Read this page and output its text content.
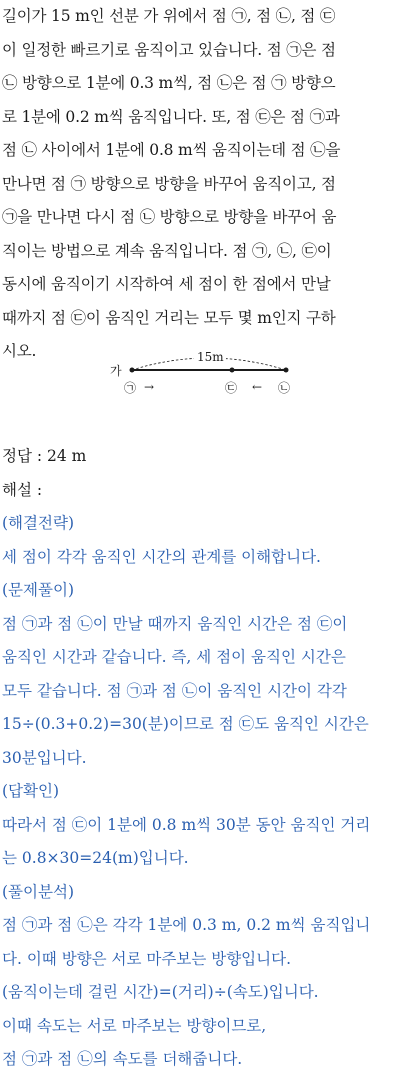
길이가 15 m인 선분 가 위에서 점 ㉠, 점 ㉡, 점 ㉢
이 일정한 빠르기로 움직이고 있습니다. 점 ㉠은 점
㉡ 방향으로 1분에 0.3 m씩, 점 ㉡은 점 ㉠ 방향으
로 1분에 0.2 m씩 움직입니다. 또, 점 ㉢은 점 ㉠과
점 ㉡ 사이에서 1분에 0.8 m씩 움직이는데 점 ㉡을
만나면 점 ㉠ 방향으로 방향을 바꾸어 움직이고, 점
㉠을 만나면 다시 점 ㉡ 방향으로 방향을 바꾸어 움
직이는 방법으로 계속 움직입니다. 점 ㉠, ㉡, ㉢이
동시에 움직이기 시작하여 세 점이 한 점에서 만날
때까지 점 ㉢이 움직인 거리는 모두 몇 m인지 구하
시오.
가
15m
㉠ →	㉢ ← ㉡
정답 : 24 m
해설 :
(해결전략)
세 점이 각각 움직인 시간의 관계를 이해합니다.
(문제풀이)
점 ㉠과 점 ㉡이 만날 때까지 움직인 시간은 점 ㉢이
움직인 시간과 같습니다. 즉, 세 점이 움직인 시간은
모두 같습니다. 점 ㉠과 점 ㉡이 움직인 시간이 각각
15÷(0.3+0.2)=30(분)이므로 점 ㉢도 움직인 시간은
30분입니다.
(답확인)
따라서 점 ㉢이 1분에 0.8 m씩 30분 동안 움직인 거리
는 0.8×30=24(m)입니다.
(풀이분석)
점 ㉠과 점 ㉡은 각각 1분에 0.3 m, 0.2 m씩 움직입니
다. 이때 방향은 서로 마주보는 방향입니다.
(움직이는데 걸린 시간)=(거리)÷(속도)입니다.
이때 속도는 서로 마주보는 방향이므로,
점 ㉠과 점 ㉡의 속도를 더해줍니다.
